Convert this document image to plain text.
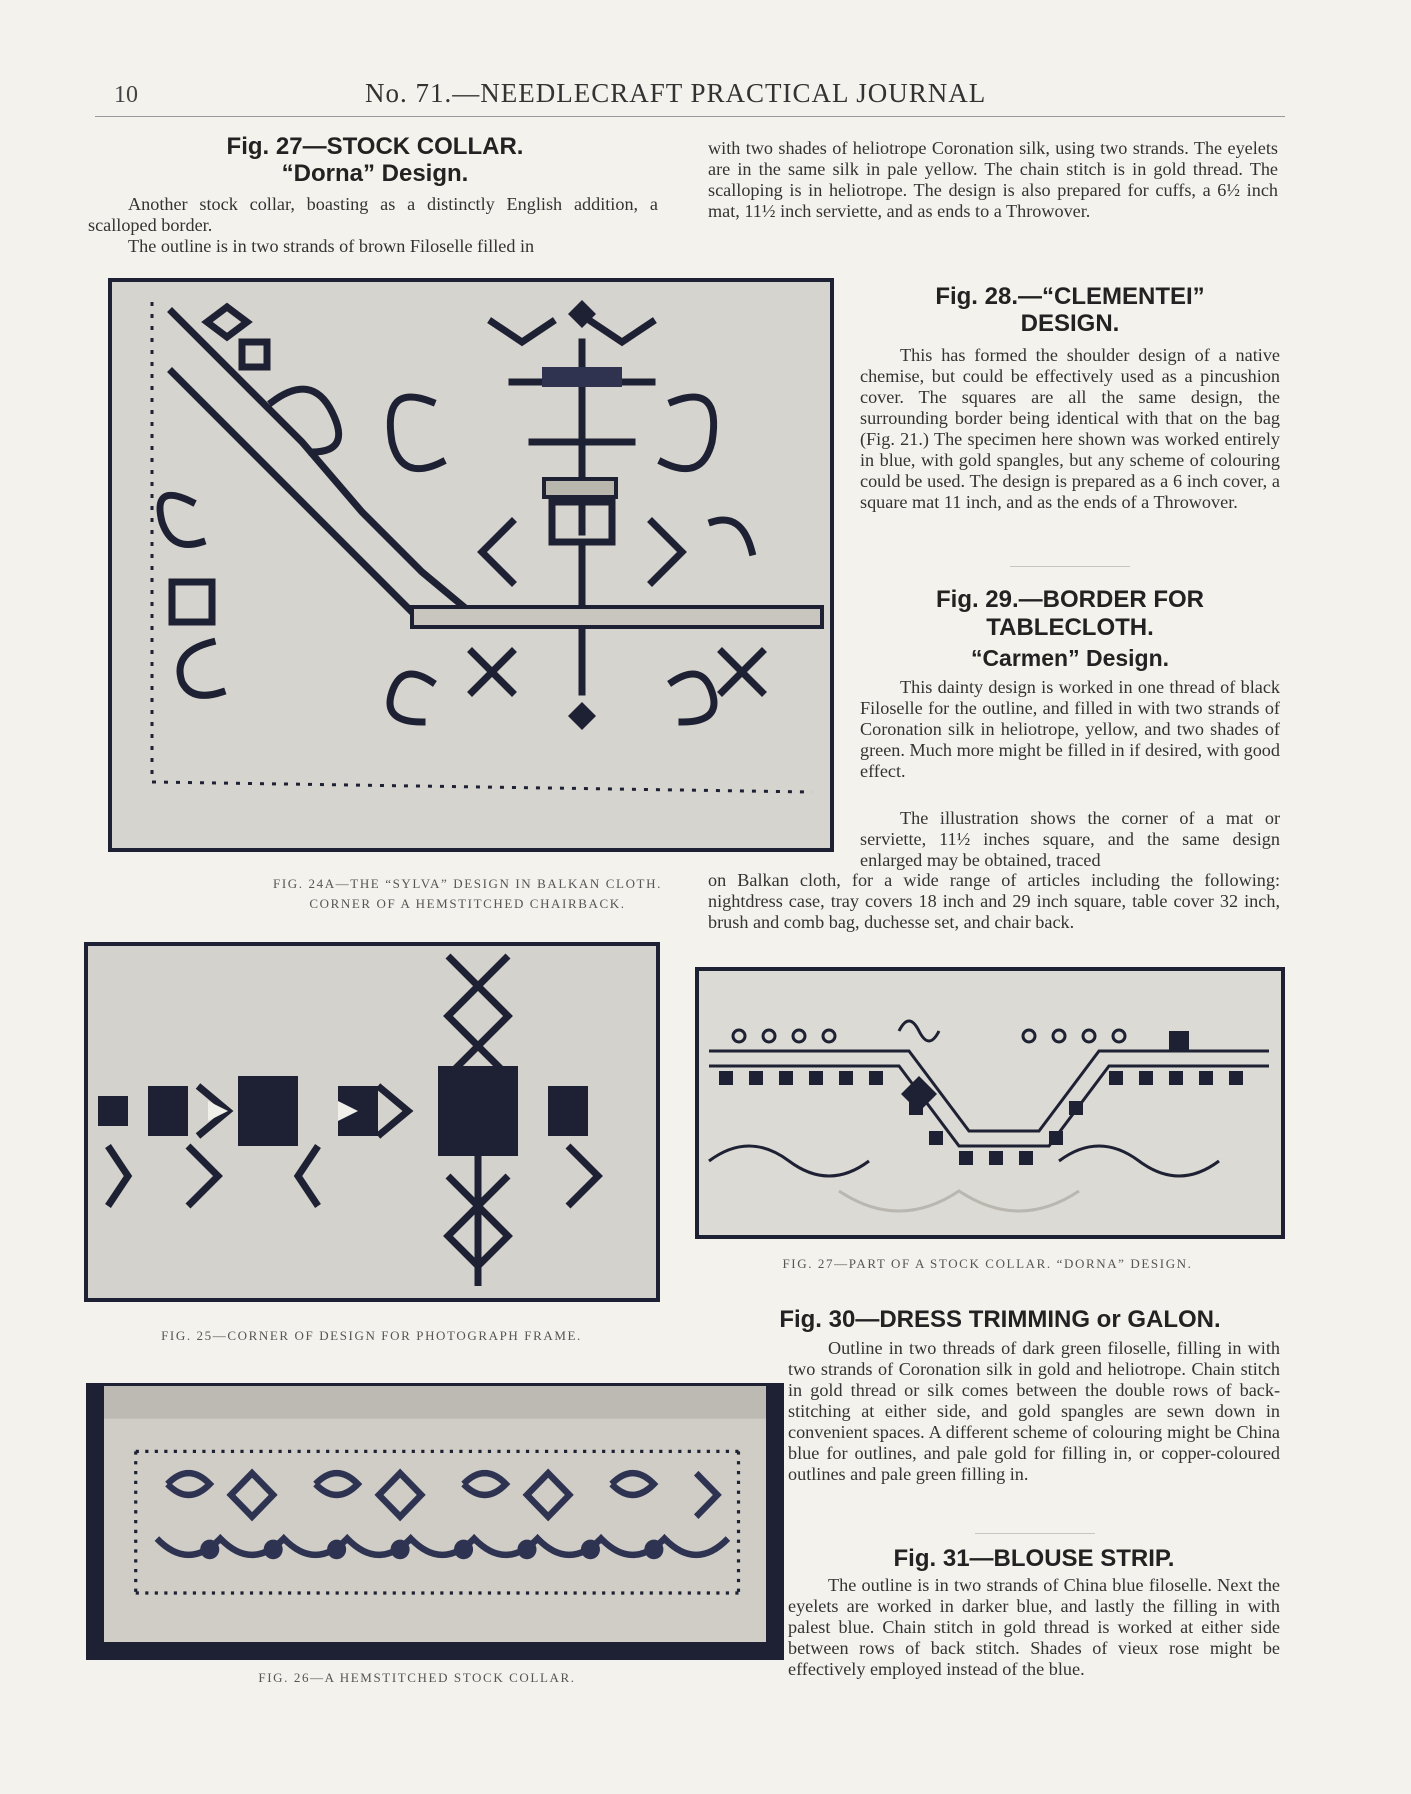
10	No. 71.—NEEDLECRAFT PRACTICAL JOURNAL
Fig. 27—STOCK COLLAR.
“Dorna” Design.
Another stock collar, boasting as a distinctly English addition, a scalloped border.
The outline is in two strands of brown Filoselle filled in
with two shades of heliotrope Coronation silk, using two strands. The eyelets are in the same silk in pale yellow. The chain stitch is in gold thread. The scalloping is in heliotrope. The design is also prepared for cuffs, a 6½ inch mat, 11½ inch serviette, and as ends to a Throwover.
FIG. 24A—THE “SYLVA” DESIGN IN BALKAN CLOTH.
CORNER OF A HEMSTITCHED CHAIRBACK.
Fig. 28.—“CLEMENTEI”
DESIGN.
This has formed the shoulder design of a native chemise, but could be effectively used as a pincushion cover. The squares are all the same design, the surrounding border being identical with that on the bag (Fig. 21.) The specimen here shown was worked entirely in blue, with gold spangles, but any scheme of colouring could be used. The design is prepared as a 6 inch cover, a square mat 11 inch, and as the ends of a Throwover.
Fig. 29.—BORDER FOR
TABLECLOTH.
“Carmen” Design.
This dainty design is worked in one thread of black Filoselle for the outline, and filled in with two strands of Coronation silk in heliotrope, yellow, and two shades of green. Much more might be filled in if desired, with good effect.
The illustration shows the corner of a mat or serviette, 11½ inches square, and the same design enlarged may be obtained, traced
on Balkan cloth, for a wide range of articles including the following: nightdress case, tray covers 18 inch and 29 inch square, table cover 32 inch, brush and comb bag, duchesse set, and chair back.
FIG. 25—CORNER OF DESIGN FOR PHOTOGRAPH FRAME.
FIG. 27—PART OF A STOCK COLLAR. “DORNA” DESIGN.
Fig. 30—DRESS TRIMMING or GALON.
Outline in two threads of dark green filoselle, filling in with two strands of Coronation silk in gold and heliotrope. Chain stitch in gold thread or silk comes between the double rows of back-stitching at either side, and gold spangles are sewn down in convenient spaces. A different scheme of colouring might be China blue for outlines, and pale gold for filling in, or copper-coloured outlines and pale green filling in.
Fig. 31—BLOUSE STRIP.
The outline is in two strands of China blue filoselle. Next the eyelets are worked in darker blue, and lastly the filling in with palest blue. Chain stitch in gold thread is worked at either side between rows of back stitch. Shades of vieux rose might be effectively employed instead of the blue.
FIG. 26—A HEMSTITCHED STOCK COLLAR.
